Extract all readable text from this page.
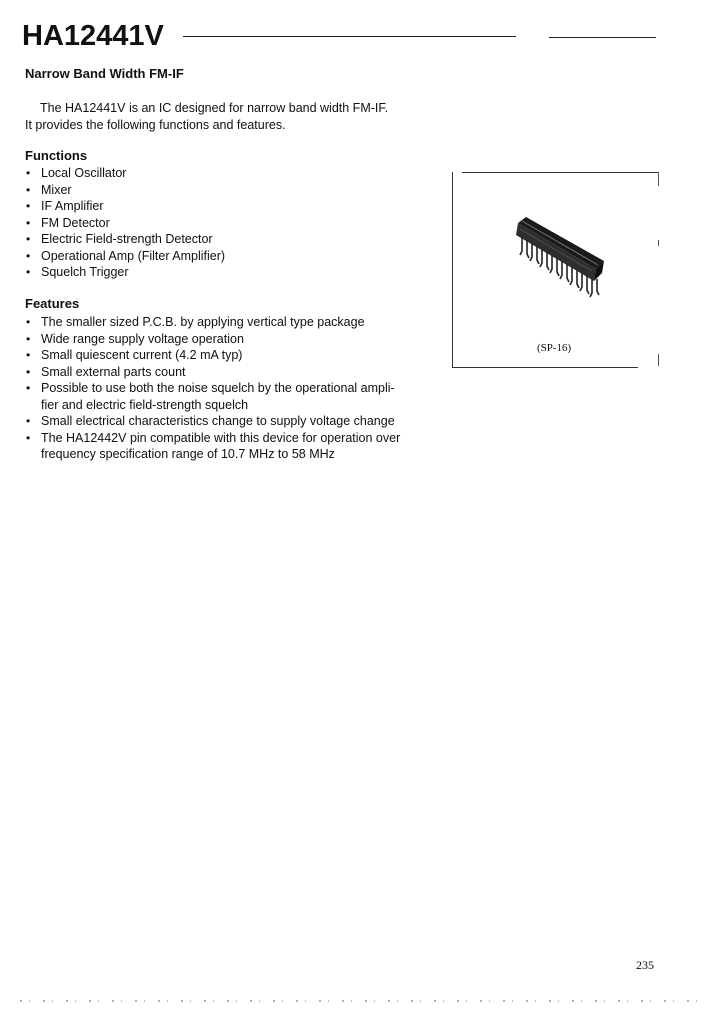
HA12441V
Narrow Band Width FM-IF
The HA12441V is an IC designed for narrow band width FM-IF.
It provides the following functions and features.
Functions
• Local Oscillator
• Mixer
• IF Amplifier
• FM Detector
• Electric Field-strength Detector
• Operational Amp (Filter Amplifier)
• Squelch Trigger
Features
• The smaller sized P.C.B. by applying vertical type package
• Wide range supply voltage operation
• Small quiescent current (4.2 mA typ)
• Small external parts count
• Possible to use both the noise squelch by the operational ampli-fier and electric field-strength squelch
• Small electrical characteristics change to supply voltage change
• The HA12442V pin compatible with this device for operation over frequency specification range of 10.7 MHz to 58 MHz
(SP-16)
235
